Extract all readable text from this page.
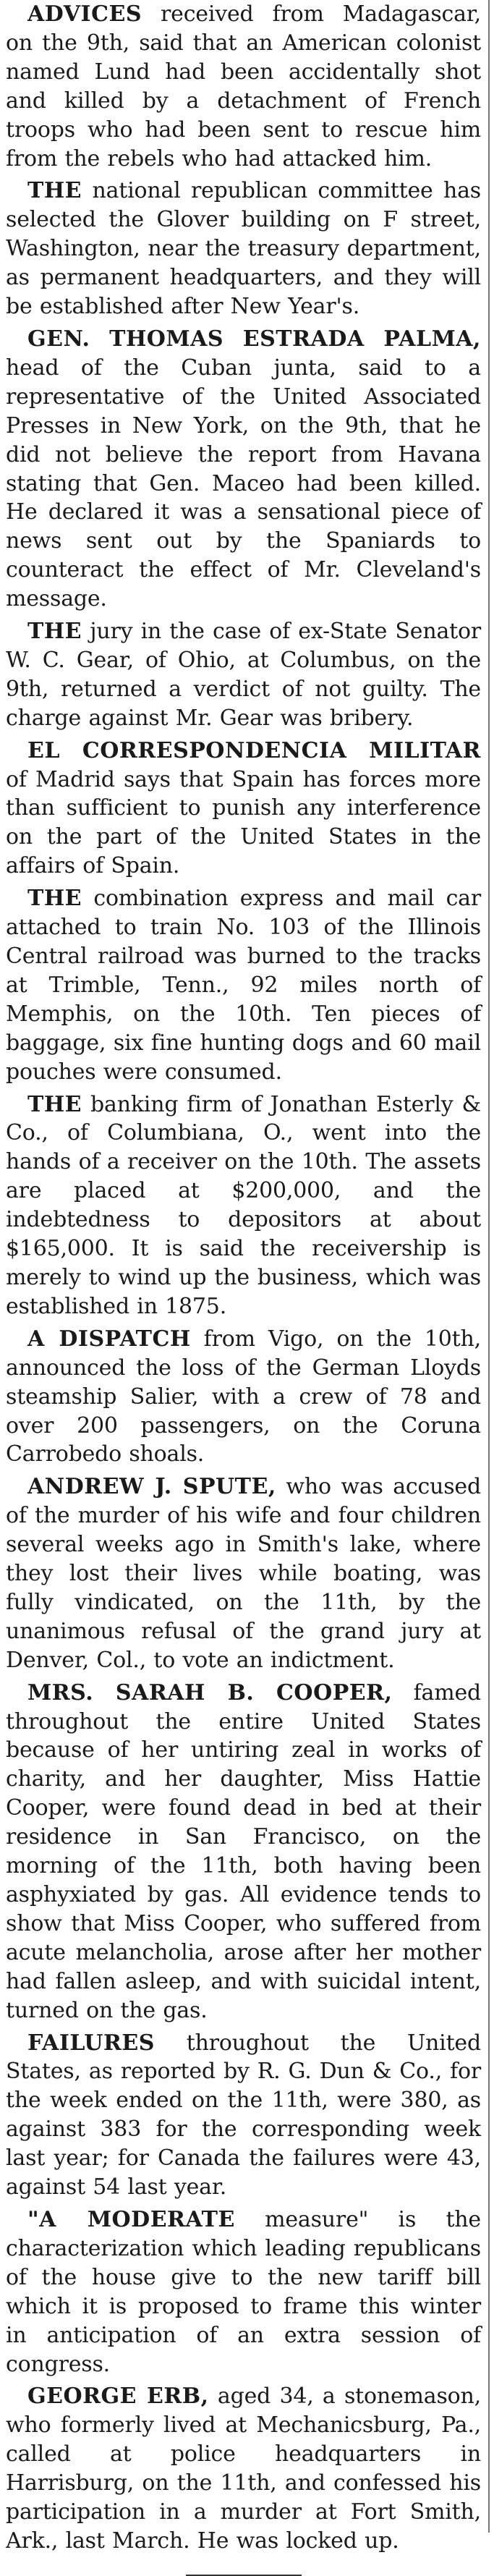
ADVICES received from Madagascar, on the 9th, said that an American colonist named Lund had been accidentally shot and killed by a detachment of French troops who had been sent to rescue him from the rebels who had attacked him.

THE national republican committee has selected the Glover building on F street, Washington, near the treasury department, as permanent headquarters, and they will be established after New Year's.

GEN. THOMAS ESTRADA PALMA, head of the Cuban junta, said to a representative of the United Associated Presses in New York, on the 9th, that he did not believe the report from Havana stating that Gen. Maceo had been killed. He declared it was a sensational piece of news sent out by the Spaniards to counteract the effect of Mr. Cleveland's message.

THE jury in the case of ex-State Senator W. C. Gear, of Ohio, at Columbus, on the 9th, returned a verdict of not guilty. The charge against Mr. Gear was bribery.

EL CORRESPONDENCIA MILITAR of Madrid says that Spain has forces more than sufficient to punish any interference on the part of the United States in the affairs of Spain.

THE combination express and mail car attached to train No. 103 of the Illinois Central railroad was burned to the tracks at Trimble, Tenn., 92 miles north of Memphis, on the 10th. Ten pieces of baggage, six fine hunting dogs and 60 mail pouches were consumed.

THE banking firm of Jonathan Esterly & Co., of Columbiana, O., went into the hands of a receiver on the 10th. The assets are placed at $200,000, and the indebtedness to depositors at about $165,000. It is said the receivership is merely to wind up the business, which was established in 1875.

A DISPATCH from Vigo, on the 10th, announced the loss of the German Lloyds steamship Salier, with a crew of 78 and over 200 passengers, on the Coruna Carrobedo shoals.

ANDREW J. SPUTE, who was accused of the murder of his wife and four children several weeks ago in Smith's lake, where they lost their lives while boating, was fully vindicated, on the 11th, by the unanimous refusal of the grand jury at Denver, Col., to vote an indictment.

MRS. SARAH B. COOPER, famed throughout the entire United States because of her untiring zeal in works of charity, and her daughter, Miss Hattie Cooper, were found dead in bed at their residence in San Francisco, on the morning of the 11th, both having been asphyxiated by gas. All evidence tends to show that Miss Cooper, who suffered from acute melancholia, arose after her mother had fallen asleep, and with suicidal intent, turned on the gas.

FAILURES throughout the United States, as reported by R. G. Dun & Co., for the week ended on the 11th, were 380, as against 383 for the corresponding week last year; for Canada the failures were 43, against 54 last year.

"A MODERATE measure" is the characterization which leading republicans of the house give to the new tariff bill which it is proposed to frame this winter in anticipation of an extra session of congress.

GEORGE ERB, aged 34, a stonemason, who formerly lived at Mechanicsburg, Pa., called at police headquarters in Harrisburg, on the 11th, and confessed his participation in a murder at Fort Smith, Ark., last March. He was locked up.
